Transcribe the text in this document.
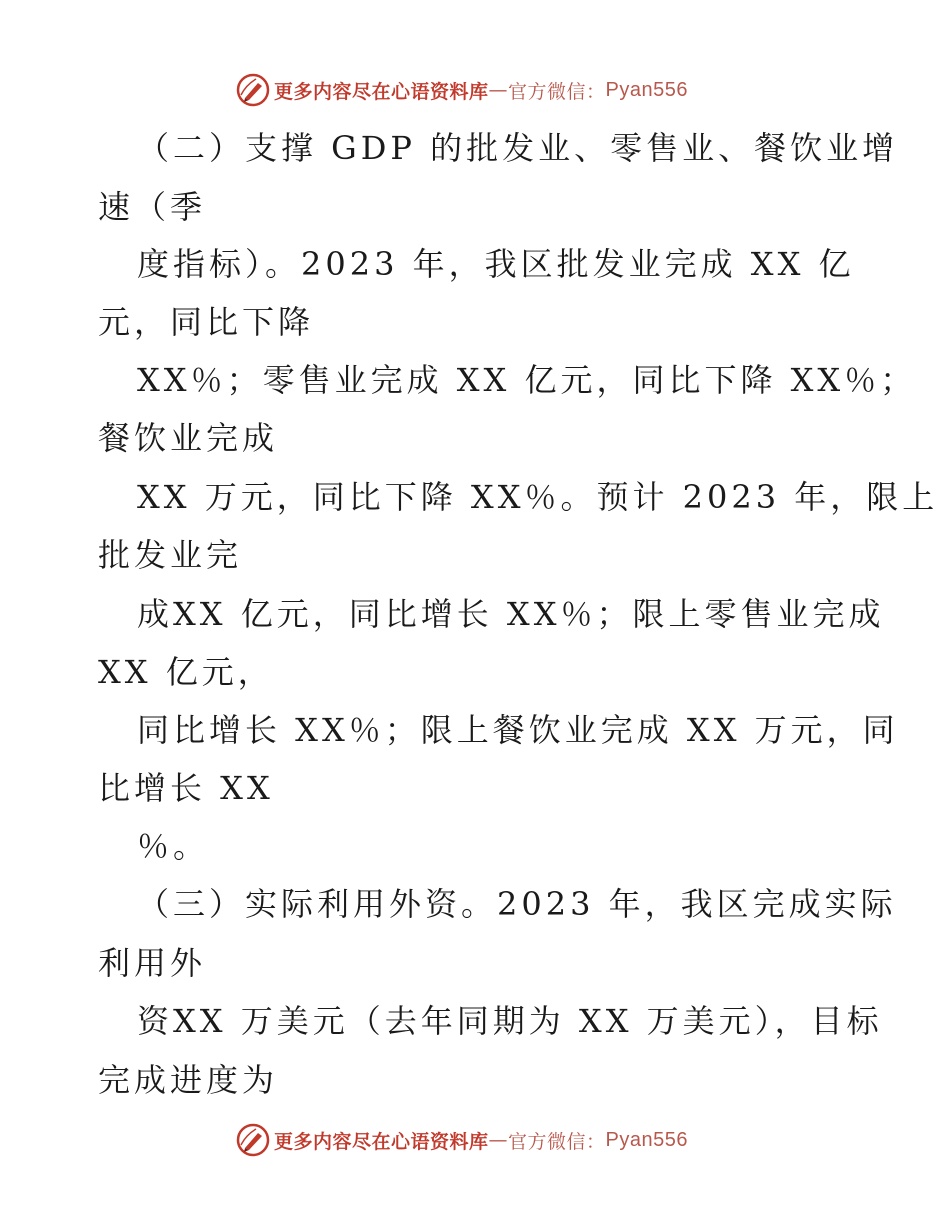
更多内容尽在心语资料库 — 官方微信： Pyan556
（二）支撑 GDP 的批发业、零售业、餐饮业增
速（季
度指标）。2023 年，我区批发业完成 XX 亿
元，同比下降
XX％；零售业完成 XX 亿元，同比下降 XX％；
餐饮业完成
XX 万元，同比下降 XX％。预计 2023 年，限上
批发业完
成XX 亿元，同比增长 XX％；限上零售业完成
XX 亿元，
同比增长 XX％；限上餐饮业完成 XX 万元，同
比增长 XX
％。
（三）实际利用外资。2023 年，我区完成实际
利用外
资XX 万美元（去年同期为 XX 万美元），目标
完成进度为
更多内容尽在心语资料库 — 官方微信： Pyan556
